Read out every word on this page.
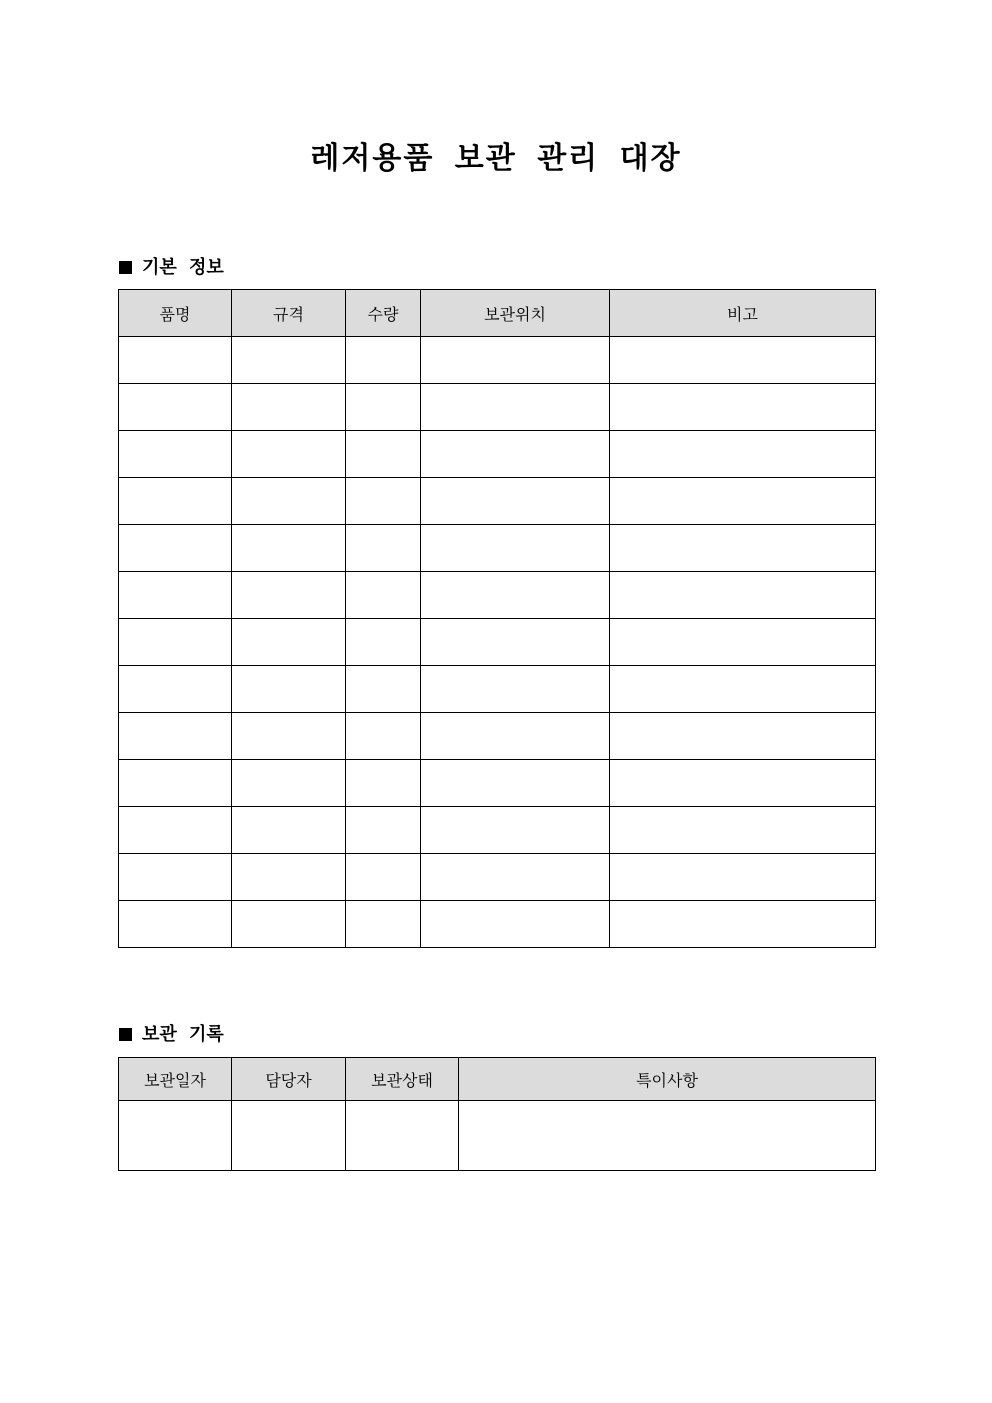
레저용품 보관 관리 대장
기본 정보
품명	규격	수량	보관위치	비고

보관 기록
보관일자	담당자	보관상태	특이사항
